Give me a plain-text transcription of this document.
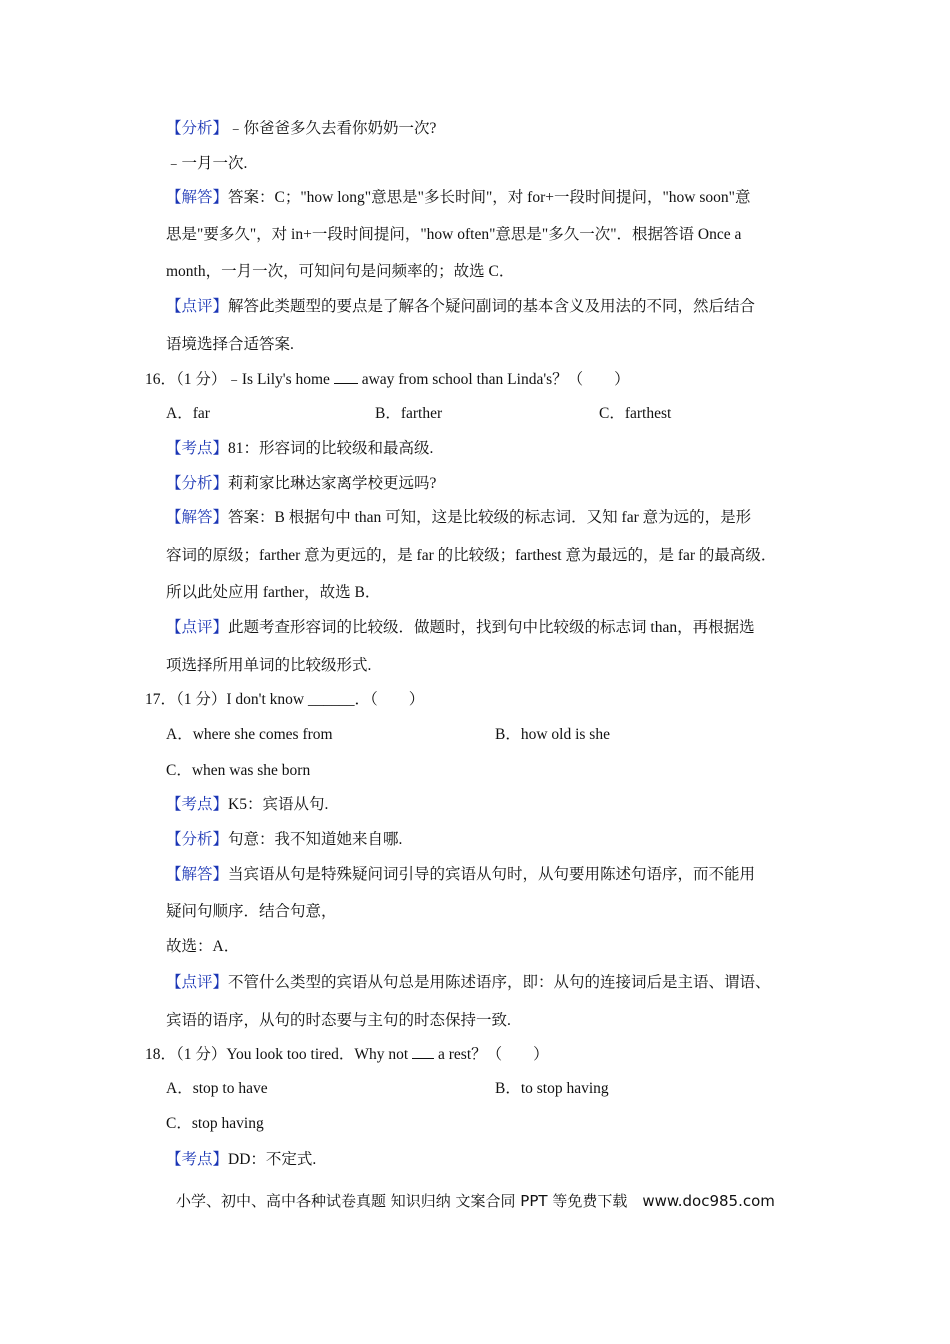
【分析】﹣你爸爸多久去看你奶奶一次?
﹣一月一次.
【解答】答案：C；"how long"意思是"多长时间"，对 for+一段时间提问，"how soon"意
思是"要多久"，对 in+一段时间提问，"how often"意思是"多久一次"．根据答语 Once a
month，一月一次，可知问句是问频率的；故选 C．
【点评】解答此类题型的要点是了解各个疑问副词的基本含义及用法的不同，然后结合
语境选择合适答案.
16．（1 分）﹣Is Lily's home  away from school than Linda's？（　　）
A．far	B．farther	C．farthest
【考点】81：形容词的比较级和最高级.
【分析】莉莉家比琳达家离学校更远吗?
【解答】答案：B 根据句中 than 可知，这是比较级的标志词．又知 far 意为远的，是形
容词的原级；farther 意为更远的，是 far 的比较级；farthest 意为最远的，是 far 的最高级．
所以此处应用 farther，故选 B．
【点评】此题考查形容词的比较级．做题时，找到句中比较级的标志词 than，再根据选
项选择所用单词的比较级形式.
17．（1 分）I don't know ______．（　　）
A．where she comes from	B．how old is she
C．when was she born
【考点】K5：宾语从句.
【分析】句意：我不知道她来自哪.
【解答】当宾语从句是特殊疑问词引导的宾语从句时，从句要用陈述句语序，而不能用
疑问句顺序．结合句意，
故选：A．
【点评】不管什么类型的宾语从句总是用陈述语序，即：从句的连接词后是主语、谓语、
宾语的语序，从句的时态要与主句的时态保持一致.
18．（1 分）You look too tired．Why not  a rest？（　　）
A．stop to have	B．to stop having
C．stop having
【考点】DD：不定式.
小学、初中、高中各种试卷真题 知识归纳 文案合同 PPT 等免费下载　www.doc985.com
